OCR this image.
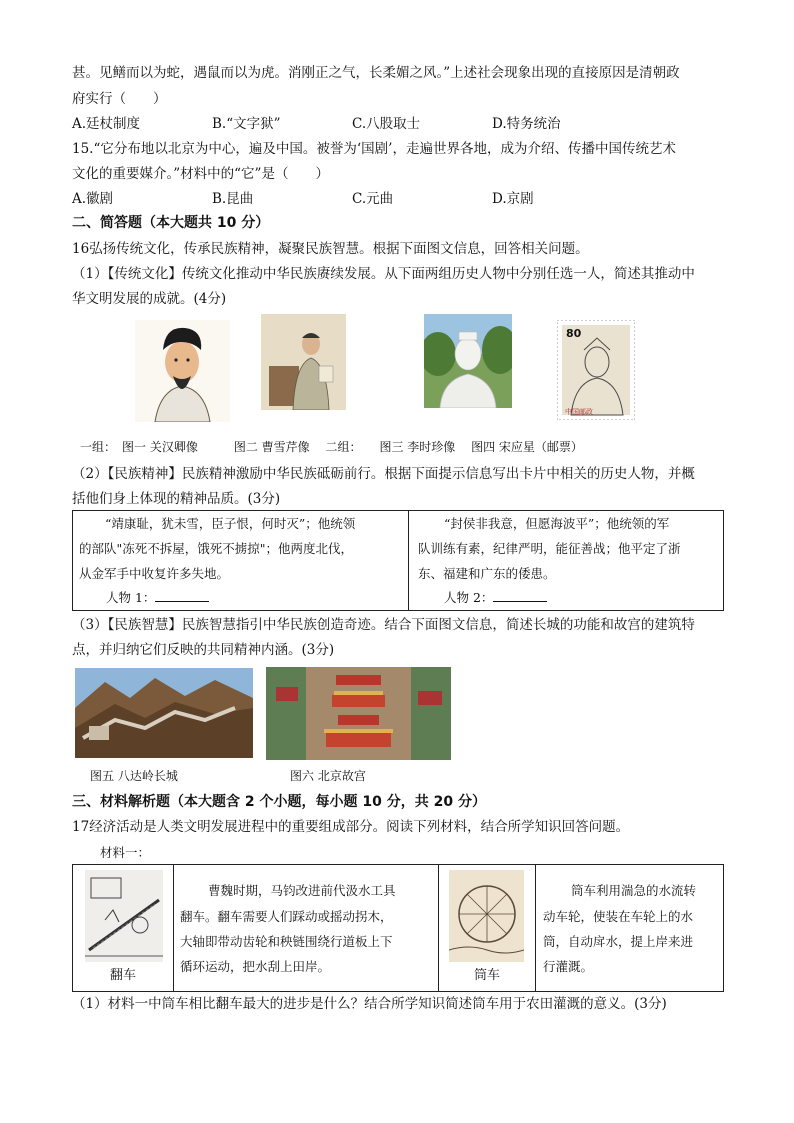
甚。见鳝而以为蛇，遇鼠而以为虎。消刚正之气，长柔媚之风。”上述社会现象出现的直接原因是清朝政
府实行（　　）
A.廷杖制度	B.“文字狱”	C.八股取士	D.特务统治
15.“它分布地以北京为中心，遍及中国。被誉为‘国剧’，走遍世界各地，成为介绍、传播中国传统艺术
文化的重要媒介。”材料中的“它”是（　　）
A.徽剧	B.昆曲	C.元曲	D.京剧
二、简答题（本大题共 10 分）
16弘扬传统文化，传承民族精神，凝聚民族智慧。根据下面图文信息，回答相关问题。
（1）【传统文化】传统文化推动中华民族赓续发展。从下面两组历史人物中分别任选一人，简述其推动中
华文明发展的成就。(4分)
80
中国邮政
一组：　图一 关汉卿像　　　图二 曹雪芹像　 二组：　　图三 李时珍像　 图四 宋应星（邮票）
（2）【民族精神】民族精神激励中华民族砥砺前行。根据下面提示信息写出卡片中相关的历史人物，并概
括他们身上体现的精神品质。(3分)
“靖康耻，犹未雪，臣子恨，何时灭”；他统领
的部队"冻死不拆屋，饿死不掳掠"；他两度北伐，
从金军手中收复许多失地。
人物 1：
“封侯非我意，但愿海波平”；他统领的军
队训练有素，纪律严明，能征善战；他平定了浙
东、福建和广东的倭患。
人物 2：
（3）【民族智慧】民族智慧指引中华民族创造奇迹。结合下面图文信息，简述长城的功能和故宫的建筑特
点，并归纳它们反映的共同精神内涵。(3分)
图五 八达岭长城	图六 北京故宫
三、材料解析题（本大题含 2 个小题，每小题 10 分，共 20 分）
17经济活动是人类文明发展进程中的重要组成部分。阅读下列材料，结合所学知识回答问题。
材料一：
翻车
曹魏时期，马钧改进前代汲水工具
翻车。翻车需要人们踩动或摇动拐木，
大轴即带动齿轮和秧链围绕行道板上下
循环运动，把水刮上田岸。
筒车
筒车利用湍急的水流转
动车轮，使装在车轮上的水
筒，自动戽水，提上岸来进
行灌溉。
（1）材料一中筒车相比翻车最大的进步是什么？结合所学知识简述筒车用于农田灌溉的意义。(3分)
